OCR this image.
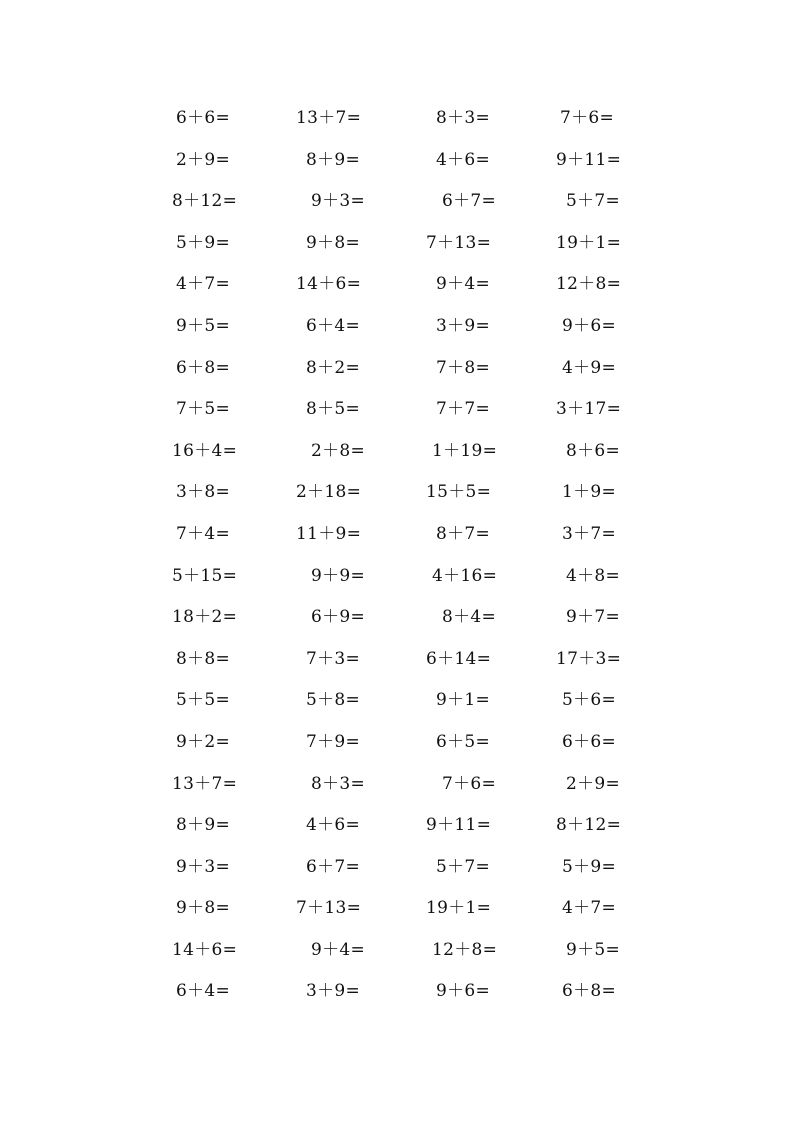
6＋6=	13＋7=	8＋3=	7＋6=
2＋9=	8＋9=	4＋6=	9＋11=
8＋12=	9＋3=	6＋7=	5＋7=
5＋9=	9＋8=	7＋13=	19＋1=
4＋7=	14＋6=	9＋4=	12＋8=
9＋5=	6＋4=	3＋9=	9＋6=
6＋8=	8＋2=	7＋8=	4＋9=
7＋5=	8＋5=	7＋7=	3＋17=
16＋4=	2＋8=	1＋19=	8＋6=
3＋8=	2＋18=	15＋5=	1＋9=
7＋4=	11＋9=	8＋7=	3＋7=
5＋15=	9＋9=	4＋16=	4＋8=
18＋2=	6＋9=	8＋4=	9＋7=
8＋8=	7＋3=	6＋14=	17＋3=
5＋5=	5＋8=	9＋1=	5＋6=
9＋2=	7＋9=	6＋5=	6＋6=
13＋7=	8＋3=	7＋6=	2＋9=
8＋9=	4＋6=	9＋11=	8＋12=
9＋3=	6＋7=	5＋7=	5＋9=
9＋8=	7＋13=	19＋1=	4＋7=
14＋6=	9＋4=	12＋8=	9＋5=
6＋4=	3＋9=	9＋6=	6＋8=
